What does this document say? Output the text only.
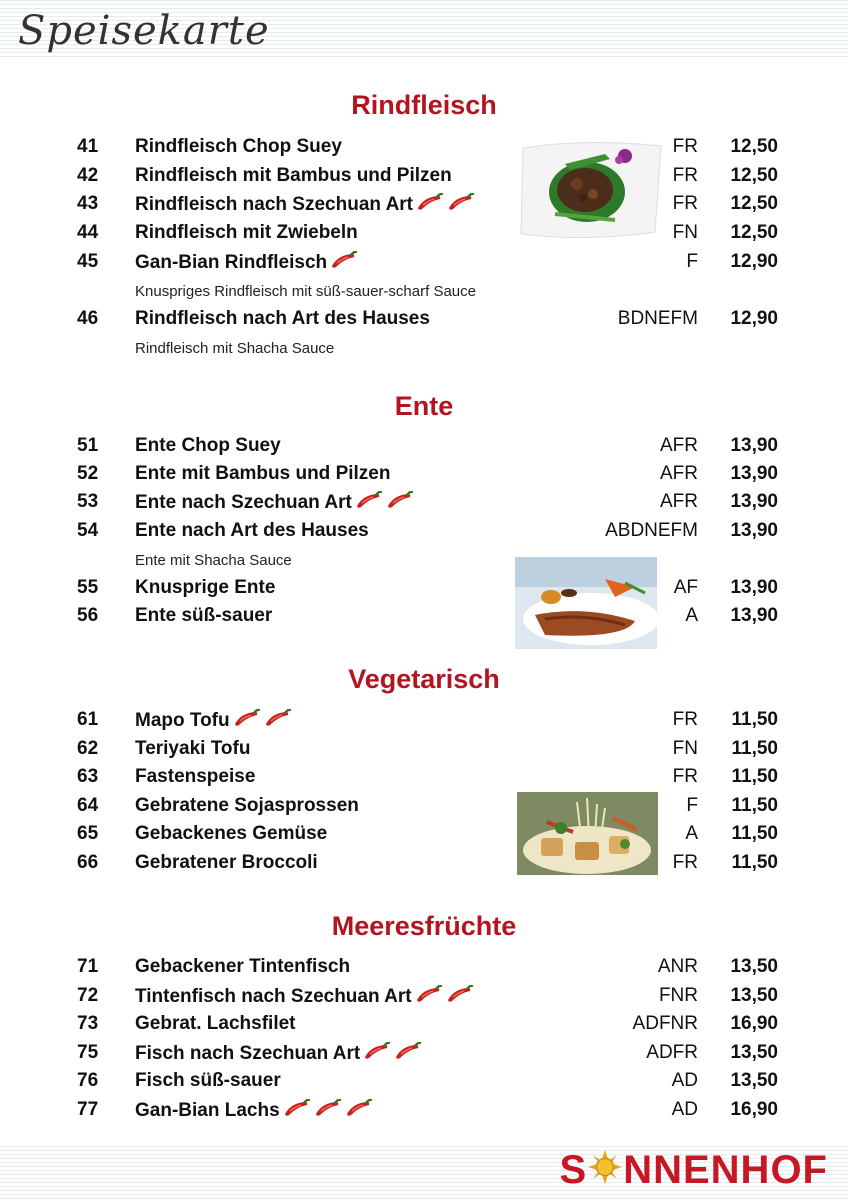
Speisekarte
Rindfleisch
Ente
Vegetarisch
Meeresfrüchte
41 Rindfleisch Chop Suey	FR 12,50
42 Rindfleisch mit Bambus und Pilzen	FR 12,50
43 Rindfleisch nach Szechuan Art	FR 12,50
44 Rindfleisch mit Zwiebeln	FN 12,50
45 Gan-Bian Rindfleisch	F 12,90
Knuspriges Rindfleisch mit süß-sauer-scharf Sauce
46 Rindfleisch nach Art des Hauses	BDNEFM 12,90
Rindfleisch mit Shacha Sauce
51 Ente Chop Suey	AFR 13,90
52 Ente mit Bambus und Pilzen	AFR 13,90
53 Ente nach Szechuan Art	AFR 13,90
54 Ente nach Art des Hauses	ABDNEFM 13,90
Ente mit Shacha Sauce
55 Knusprige Ente	AF 13,90
56 Ente süß-sauer	A 13,90
61 Mapo Tofu	FR 11,50
62 Teriyaki Tofu	FN 11,50
63 Fastenspeise	FR 11,50
64 Gebratene Sojasprossen	F 11,50
65 Gebackenes Gemüse	A 11,50
66 Gebratener Broccoli	FR 11,50
71 Gebackener Tintenfisch	ANR 13,50
72 Tintenfisch nach Szechuan Art	FNR 13,50
73 Gebrat. Lachsfilet	ADFNR 16,90
75 Fisch nach Szechuan Art	ADFR 13,50
76 Fisch süß-sauer	AD 13,50
77 Gan-Bian Lachs	AD 16,90
S NNENHOF
